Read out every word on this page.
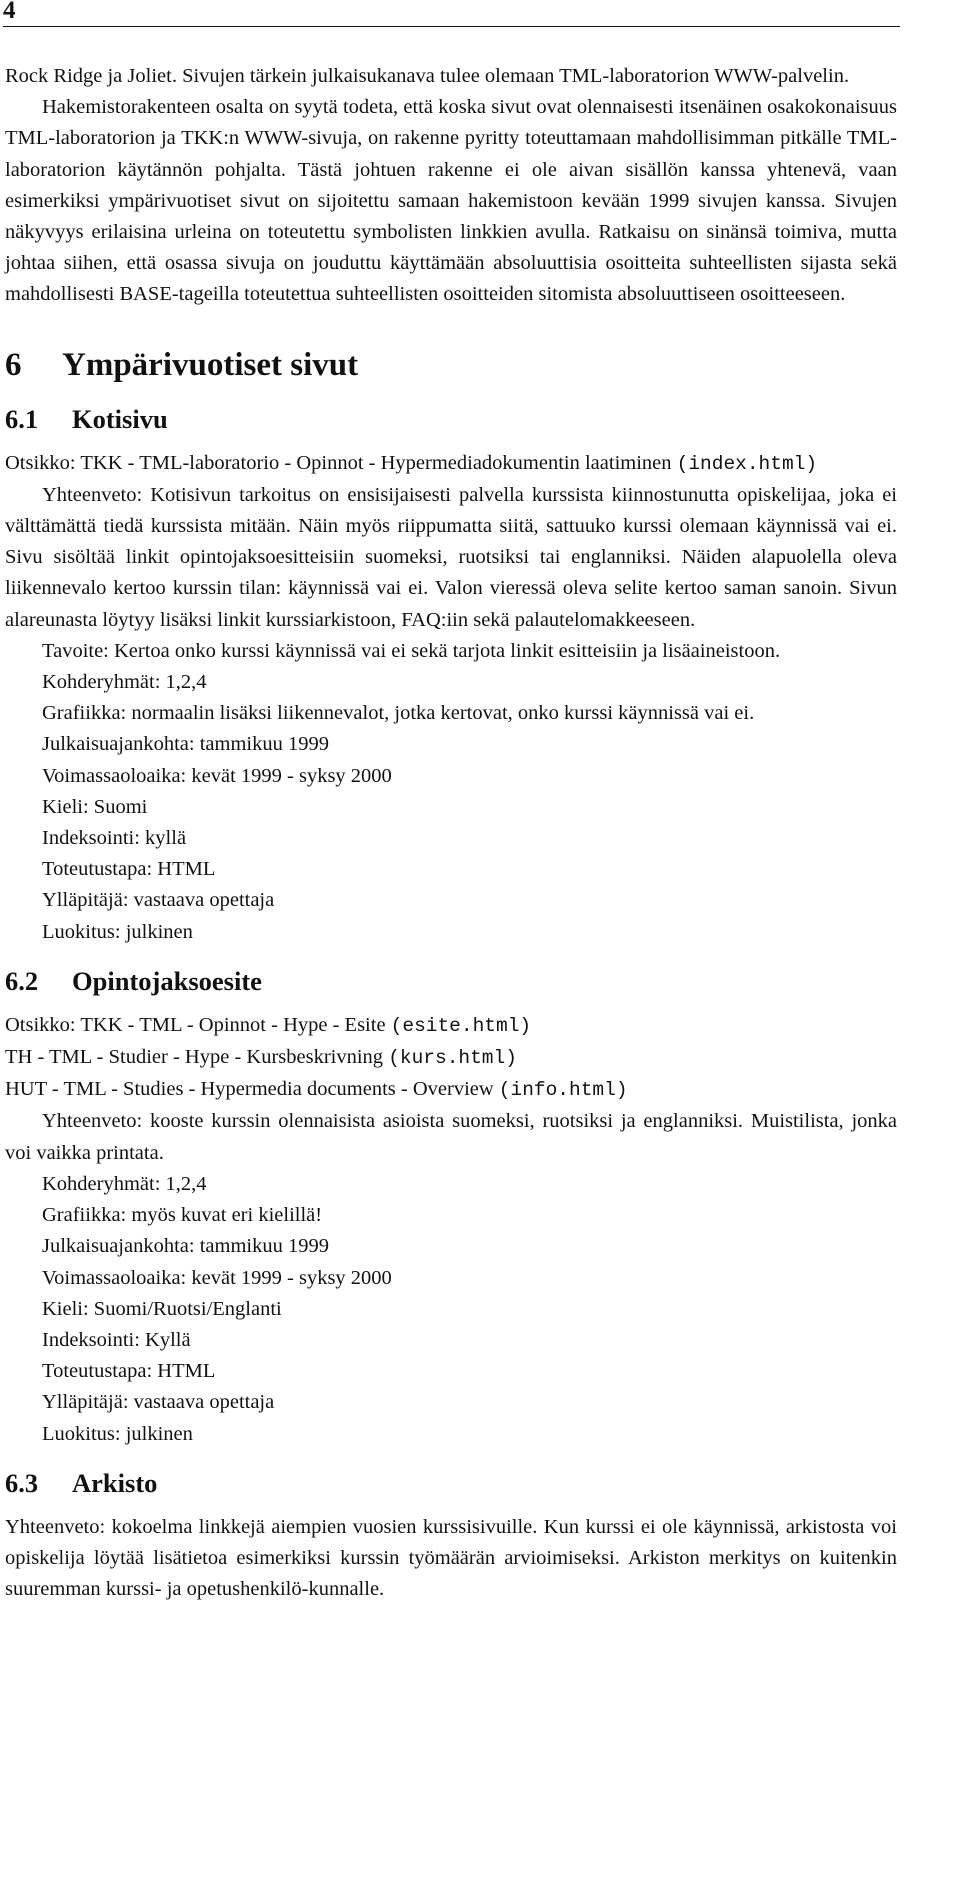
4

Rock Ridge ja Joliet. Sivujen tärkein julkaisukanava tulee olemaan TML-laboratorion WWW-palvelin.

Hakemistorakenteen osalta on syytä todeta, että koska sivut ovat olennaisesti itsenäinen osakokonaisuus TML-laboratorion ja TKK:n WWW-sivuja, on rakenne pyritty toteuttamaan mahdollisimman pitkälle TML-laboratorion käytännön pohjalta. Tästä johtuen rakenne ei ole aivan sisällön kanssa yhtenevä, vaan esimerkiksi ympärivuotiset sivut on sijoitettu samaan hakemistoon kevään 1999 sivujen kanssa. Sivujen näkyvyys erilaisina urleina on toteutettu symbolisten linkkien avulla. Ratkaisu on sinänsä toimiva, mutta johtaa siihen, että osassa sivuja on jouduttu käyttämään absoluuttisia osoitteita suhteellisten sijasta sekä mahdollisesti BASE-tageilla toteutettua suhteellisten osoitteiden sitomista absoluuttiseen osoitteeseen.

6 Ympärivuotiset sivut
6.1 Kotisivu

Otsikko: TKK - TML-laboratorio - Opinnot - Hypermediadokumentin laatiminen (index.html)

Yhteenveto: Kotisivun tarkoitus on ensisijaisesti palvella kurssista kiinnostunutta opiskelijaa, joka ei välttämättä tiedä kurssista mitään. Näin myös riippumatta siitä, sattuuko kurssi olemaan käynnissä vai ei. Sivu sisöltää linkit opintojaksoesitteisiin suomeksi, ruotsiksi tai englanniksi. Näiden alapuolella oleva liikennevalo kertoo kurssin tilan: käynnissä vai ei. Valon vieressä oleva selite kertoo saman sanoin. Sivun alareunasta löytyy lisäksi linkit kurssiarkistoon, FAQ:iin sekä palautelomakkeeseen.

Tavoite: Kertoa onko kurssi käynnissä vai ei sekä tarjota linkit esitteisiin ja lisäaineistoon.

Kohderyhmät: 1,2,4

Grafiikka: normaalin lisäksi liikennevalot, jotka kertovat, onko kurssi käynnissä vai ei.

Julkaisuajankohta: tammikuu 1999
Voimassaoloaika: kevät 1999 - syksy 2000
Kieli: Suomi
Indeksointi: kyllä
Toteutustapa: HTML
Ylläpitäjä: vastaava opettaja
Luokitus: julkinen
6.2 Opintojaksoesite

Otsikko: TKK - TML - Opinnot - Hype - Esite (esite.html)

TH - TML - Studier - Hype - Kursbeskrivning (kurs.html)

HUT - TML - Studies - Hypermedia documents - Overview (info.html)

Yhteenveto: kooste kurssin olennaisista asioista suomeksi, ruotsiksi ja englanniksi. Muistilista, jonka voi vaikka printata.

Kohderyhmät: 1,2,4
Grafiikka: myös kuvat eri kielillä!
Julkaisuajankohta: tammikuu 1999
Voimassaoloaika: kevät 1999 - syksy 2000
Kieli: Suomi/Ruotsi/Englanti
Indeksointi: Kyllä
Toteutustapa: HTML
Ylläpitäjä: vastaava opettaja
Luokitus: julkinen
6.3 Arkisto

Yhteenveto: kokoelma linkkejä aiempien vuosien kurssisivuille. Kun kurssi ei ole käynnissä, arkistosta voi opiskelija löytää lisätietoa esimerkiksi kurssin työmäärän arvioimiseksi. Arkiston merkitys on kuitenkin suuremman kurssi- ja opetushenkilö-kunnalle.
